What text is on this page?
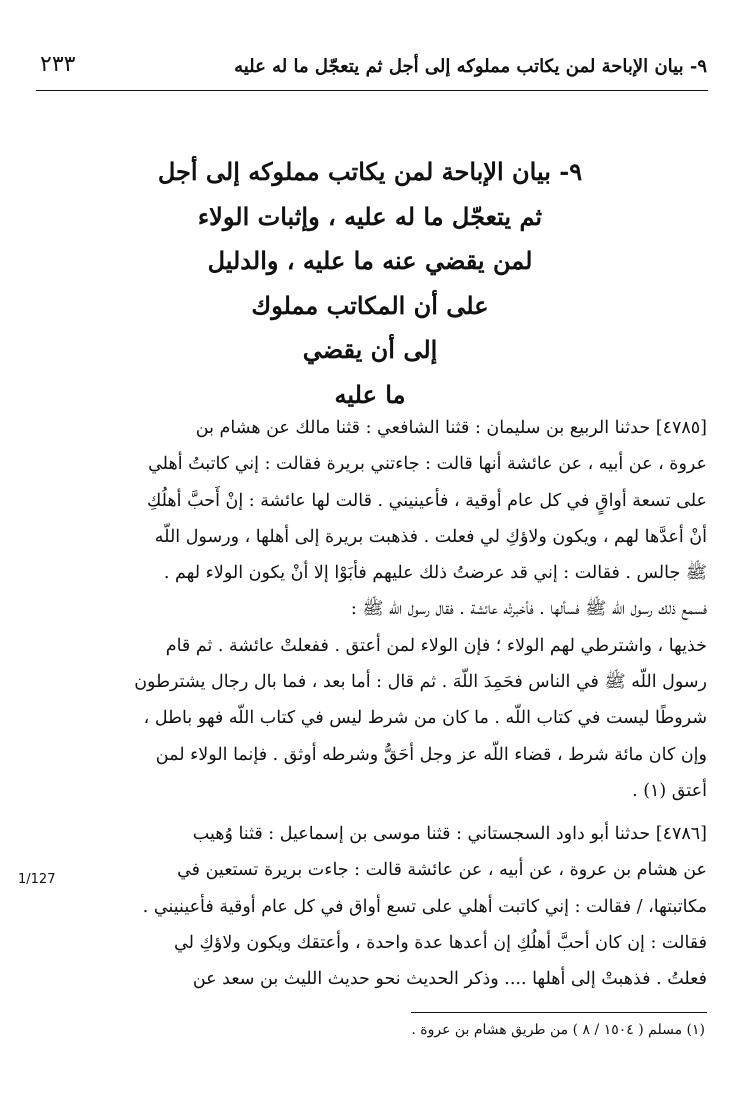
٢٣٣	٩- بيان الإباحة لمن يكاتب مملوكه إلى أجل ثم يتعجّل ما له عليه
٩- بيان الإباحة لمن يكاتب مملوكه إلى أجل
ثم يتعجّل ما له عليه ، وإثبات الولاء
لمن يقضي عنه ما عليه ، والدليل
على أن المكاتب مملوك
إلى أن يقضي
ما عليه
[٤٧٨٥] حدثنا الربيع بن سليمان : قثنا الشافعي : قثنا مالك عن هشام بن
عروة ، عن أبيه ، عن عائشة أنها قالت : جاءتني بريرة فقالت : إني كاتبتُ أهلي
على تسعة أواقٍ في كل عام أوقية ، فأعينيني . قالت لها عائشة : إنْ أَحبَّ أهلُكِ
أنْ أعدَّها لهم ، ويكون ولاؤكِ لي فعلت . فذهبت بريرة إلى أهلها ، ورسول اللّه
ﷺ جالس . فقالت : إني قد عرضتُ ذلك عليهم فأبَوْا إلا أنْ يكون الولاء لهم .
فسمع ذلك رسول اللّه ﷺ فسألها . فأخبرتْه عائشة . فقال رسول اللّه ﷺ :
خذيها ، واشترطي لهم الولاء ؛ فإن الولاء لمن أعتق . ففعلتْ عائشة . ثم قام
رسول اللّه ﷺ في الناس فحَمِدَ اللّهَ . ثم قال : أما بعد ، فما بال رجال يشترطون
شروطًا ليست في كتاب اللّه . ما كان من شرط ليس في كتاب اللّه فهو باطل ،
وإن كان مائة شرط ، قضاء اللّه عز وجل أحَقُّ وشرطه أوثق . فإنما الولاء لمن
أعتق (١) .
[٤٧٨٦] حدثنا أبو داود السجستاني : قثنا موسى بن إسماعيل : قثنا وُهيب
عن هشام بن عروة ، عن أبيه ، عن عائشة قالت : جاءت بريرة تستعين في
مكاتبتها، / فقالت : إني كاتبت أهلي على تسع أواق في كل عام أوقية فأعينيني .
فقالت : إن كان أحبَّ أهلُكِ إن أعدها عدة واحدة ، وأعتقك ويكون ولاؤكِ لي
فعلتُ . فذهبتْ إلى أهلها .... وذكر الحديث نحو حديث الليث بن سعد عن
1/127
(١) مسلم ( ١٥٠٤ / ٨ ) من طريق هشام بن عروة .
